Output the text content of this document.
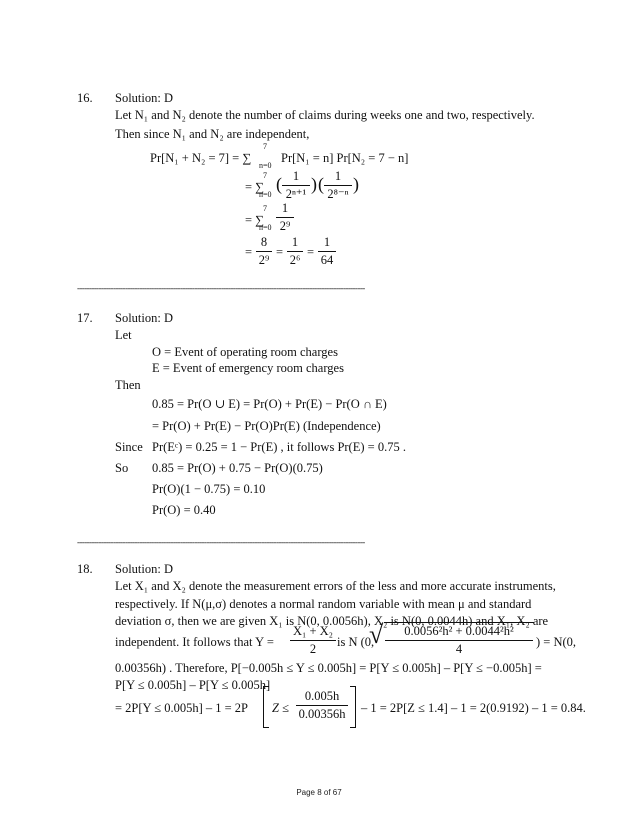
16. Solution: D
Let N₁ and N₂ denote the number of claims during weeks one and two, respectively.
Then since N₁ and N₂ are independent,
Pr[N₁ + N₂ = 7] = ∑
7
n=0
Pr[N₁ = n] Pr[N₂ = 7 − n]
= ∑
7
n=0
( 1
2ⁿ⁺¹ ) ( 1
2⁸⁻ⁿ )
= ∑
7
n=0
1
2⁹
=
8
2⁹
=
1
2⁶
=
1
64
------------------------------------------------------------------------------------------------------------------------
17. Solution: D
Let
O = Event of operating room charges
E = Event of emergency room charges
Then
0.85 = Pr(O ∪ E) = Pr(O) + Pr(E) − Pr(O ∩ E)
= Pr(O) + Pr(E) − Pr(O)Pr(E) (Independence)
Since Pr(Eᶜ) = 0.25 = 1 − Pr(E) , it follows Pr(E) = 0.75 .
So 0.85 = Pr(O) + 0.75 − Pr(O)(0.75)
Pr(O)(1 − 0.75) = 0.10
Pr(O) = 0.40
------------------------------------------------------------------------------------------------------------------------
18. Solution: D
Let X₁ and X₂ denote the measurement errors of the less and more accurate instruments,
respectively. If N(μ,σ) denotes a normal random variable with mean μ and standard
deviation σ, then we are given X₁ is N(0, 0.0056h), X₂ is N(0, 0.0044h) and X₁, X₂ are
independent. It follows that Y =
X₁ + X₂
2	is N (0,
√	0.0056²h² + 0.0044²h²
4	) = N(0,
0.00356h) . Therefore, P[−0.005h ≤ Y ≤ 0.005h] = P[Y ≤ 0.005h] – P[Y ≤ −0.005h] =
P[Y ≤ 0.005h] – P[Y ≤ 0.005h]
= 2P[Y ≤ 0.005h] – 1 = 2P Z ≤
0.005h
0.00356h – 1 = 2P[Z ≤ 1.4] – 1 = 2(0.9192) – 1 = 0.84.
Page 8 of 67
